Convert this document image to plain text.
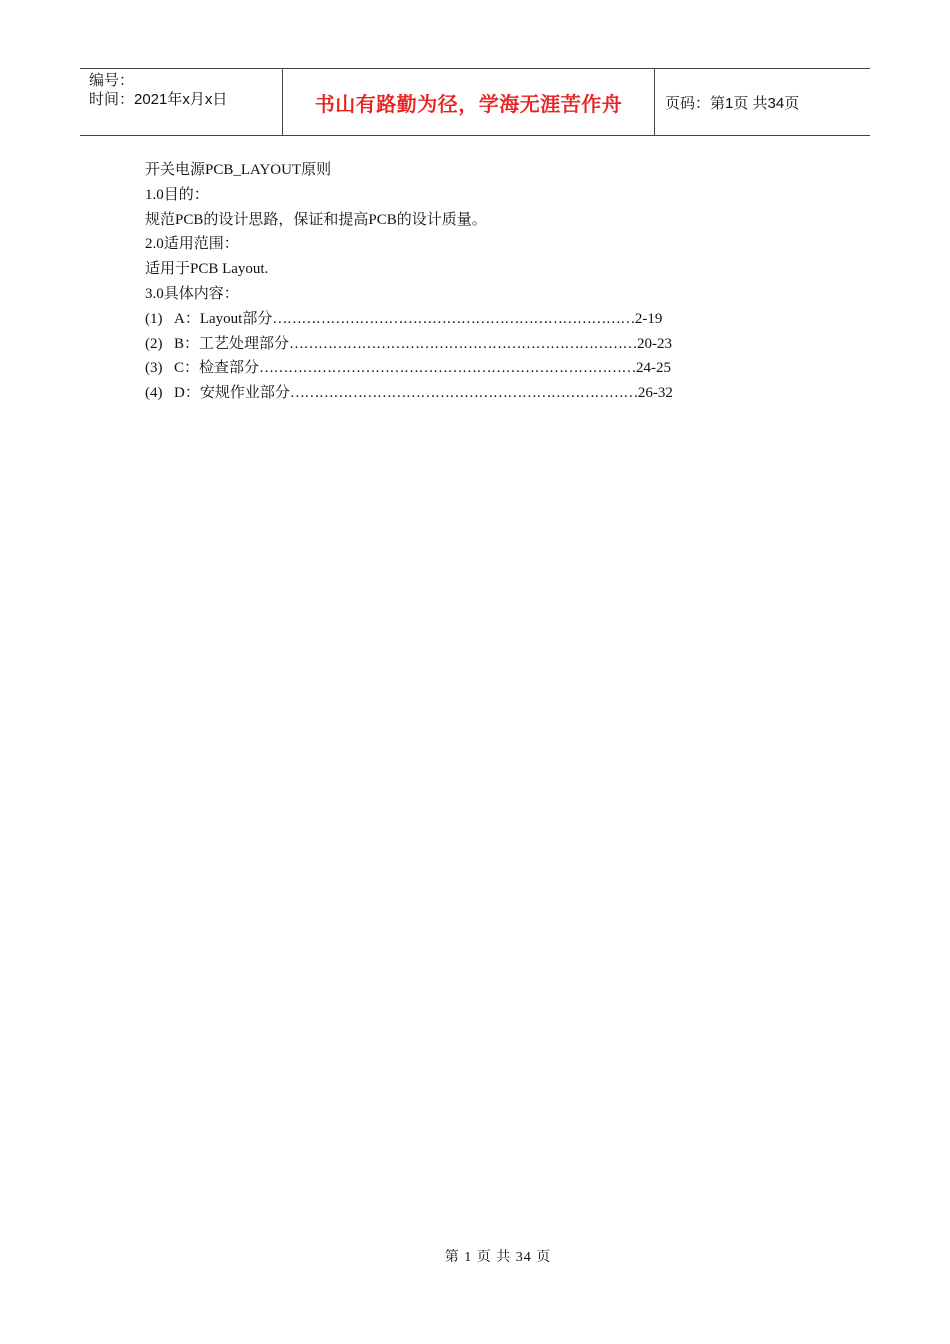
编号：
时间：2021年x月x日	书山有路勤为径，学海无涯苦作舟	页码：第1页 共34页
开关电源PCB_LAYOUT原则
1.0目的：
规范PCB的设计思路，保证和提高PCB的设计质量。
2.0适用范围：
适用于PCB Layout.
3.0具体内容：
(1) A：Layout部分 ………………………………………………………………… 2-19
(2) B：工艺处理部分 ……………………………………………………………… 20-23
(3) C：检查部分 …………………………………………………………………… 24-25
(4) D：安规作业部分 ……………………………………………………………… 26-32
第 1 页 共 34 页
